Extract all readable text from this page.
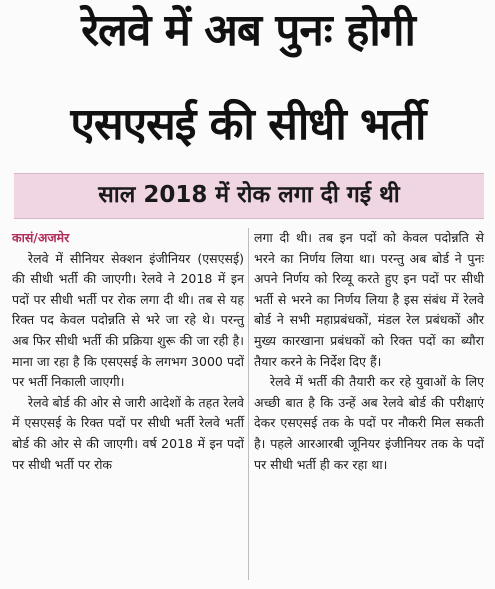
रेलवे में अब पुनः होगी
एसएसई की सीधी भर्ती
साल 2018 में रोक लगा दी गई थी
कासं/अजमेर

रेलवे में सीनियर सेक्शन इंजीनियर (एसएसई) की सीधी भर्ती की जाएगी। रेलवे ने 2018 में इन पदों पर सीधी भर्ती पर रोक लगा दी थी। तब से यह रिक्त पद केवल पदोन्नति से भरे जा रहे थे। परन्तु अब फिर सीधी भर्ती की प्रक्रिया शुरू की जा रही है। माना जा रहा है कि एसएसई के लगभग 3000 पदों पर भर्ती निकाली जाएगी।

रेलवे बोर्ड की ओर से जारी आदेशों के तहत रेलवे में एसएसई के रिक्त पदों पर सीधी भर्ती रेलवे भर्ती बोर्ड की ओर से की जाएगी। वर्ष 2018 में इन पदों पर सीधी भर्ती पर रोक

लगा दी थी। तब इन पदों को केवल पदोन्नति से भरने का निर्णय लिया था। परन्तु अब बोर्ड ने पुनः अपने निर्णय को रिव्यू करते हुए इन पदों पर सीधी भर्ती से भरने का निर्णय लिया है इस संबंध में रेलवे बोर्ड ने सभी महाप्रबंधकों, मंडल रेल प्रबंधकों और मुख्य कारखाना प्रबंधकों को रिक्त पदों का ब्यौरा तैयार करने के निर्देश दिए हैं।

रेलवे में भर्ती की तैयारी कर रहे युवाओं के लिए अच्छी बात है कि उन्हें अब रेलवे बोर्ड की परीक्षाएं देकर एसएसई तक के पदों पर नौकरी मिल सकती है। पहले आरआरबी जूनियर इंजीनियर तक के पदों पर सीधी भर्ती ही कर रहा था।
